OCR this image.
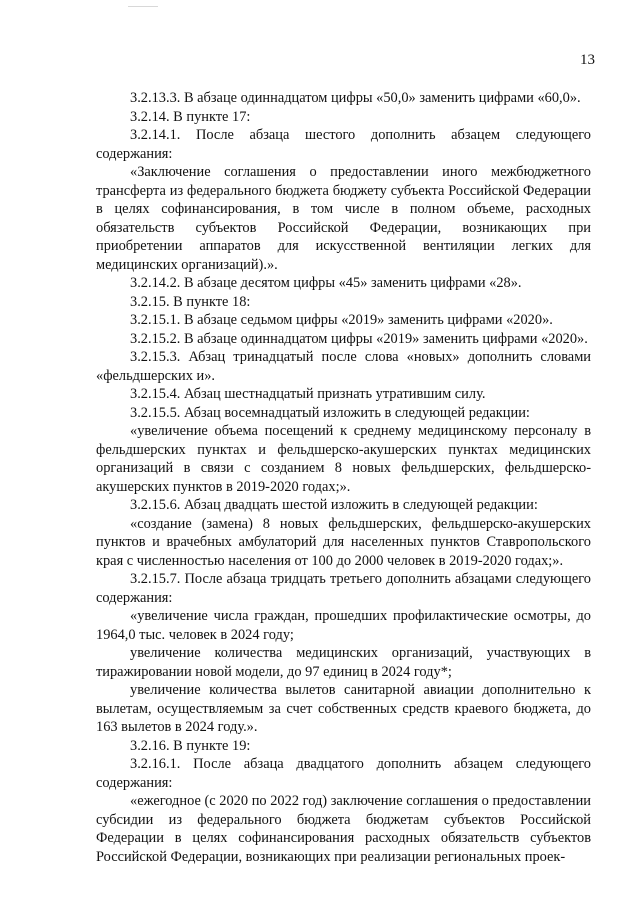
13

3.2.13.3. В абзаце одиннадцатом цифры «50,0» заменить цифрами «60,0».

3.2.14. В пункте 17:

3.2.14.1. После абзаца шестого дополнить абзацем следующего содержания:

«Заключение соглашения о предоставлении иного межбюджетного трансферта из федерального бюджета бюджету субъекта Российской Федерации в целях софинансирования, в том числе в полном объеме, расходных обязательств субъектов Российской Федерации, возникающих при приобретении аппаратов для искусственной вентиляции легких для медицинских организаций).».

3.2.14.2. В абзаце десятом цифры «45» заменить цифрами «28».

3.2.15. В пункте 18:

3.2.15.1. В абзаце седьмом цифры «2019» заменить цифрами «2020».

3.2.15.2. В абзаце одиннадцатом цифры «2019» заменить цифрами «2020».

3.2.15.3. Абзац тринадцатый после слова «новых» дополнить словами «фельдшерских и».

3.2.15.4. Абзац шестнадцатый признать утратившим силу.

3.2.15.5. Абзац восемнадцатый изложить в следующей редакции:

«увеличение объема посещений к среднему медицинскому персоналу в фельдшерских пунктах и фельдшерско-акушерских пунктах медицинских организаций в связи с созданием 8 новых фельдшерских, фельдшерско-акушерских пунктов в 2019-2020 годах;».

3.2.15.6. Абзац двадцать шестой изложить в следующей редакции:

«создание (замена) 8 новых фельдшерских, фельдшерско-акушерских пунктов и врачебных амбулаторий для населенных пунктов Ставропольского края с численностью населения от 100 до 2000 человек в 2019-2020 годах;».

3.2.15.7. После абзаца тридцать третьего дополнить абзацами следующего содержания:

«увеличение числа граждан, прошедших профилактические осмотры, до 1964,0 тыс. человек в 2024 году;

увеличение количества медицинских организаций, участвующих в тиражировании новой модели, до 97 единиц в 2024 году*;

увеличение количества вылетов санитарной авиации дополнительно к вылетам, осуществляемым за счет собственных средств краевого бюджета, до 163 вылетов в 2024 году.».

3.2.16. В пункте 19:

3.2.16.1. После абзаца двадцатого дополнить абзацем следующего содержания:

«ежегодное (с 2020 по 2022 год) заключение соглашения о предоставлении субсидии из федерального бюджета бюджетам субъектов Российской Федерации в целях софинансирования расходных обязательств субъектов Российской Федерации, возникающих при реализации региональных проек-
